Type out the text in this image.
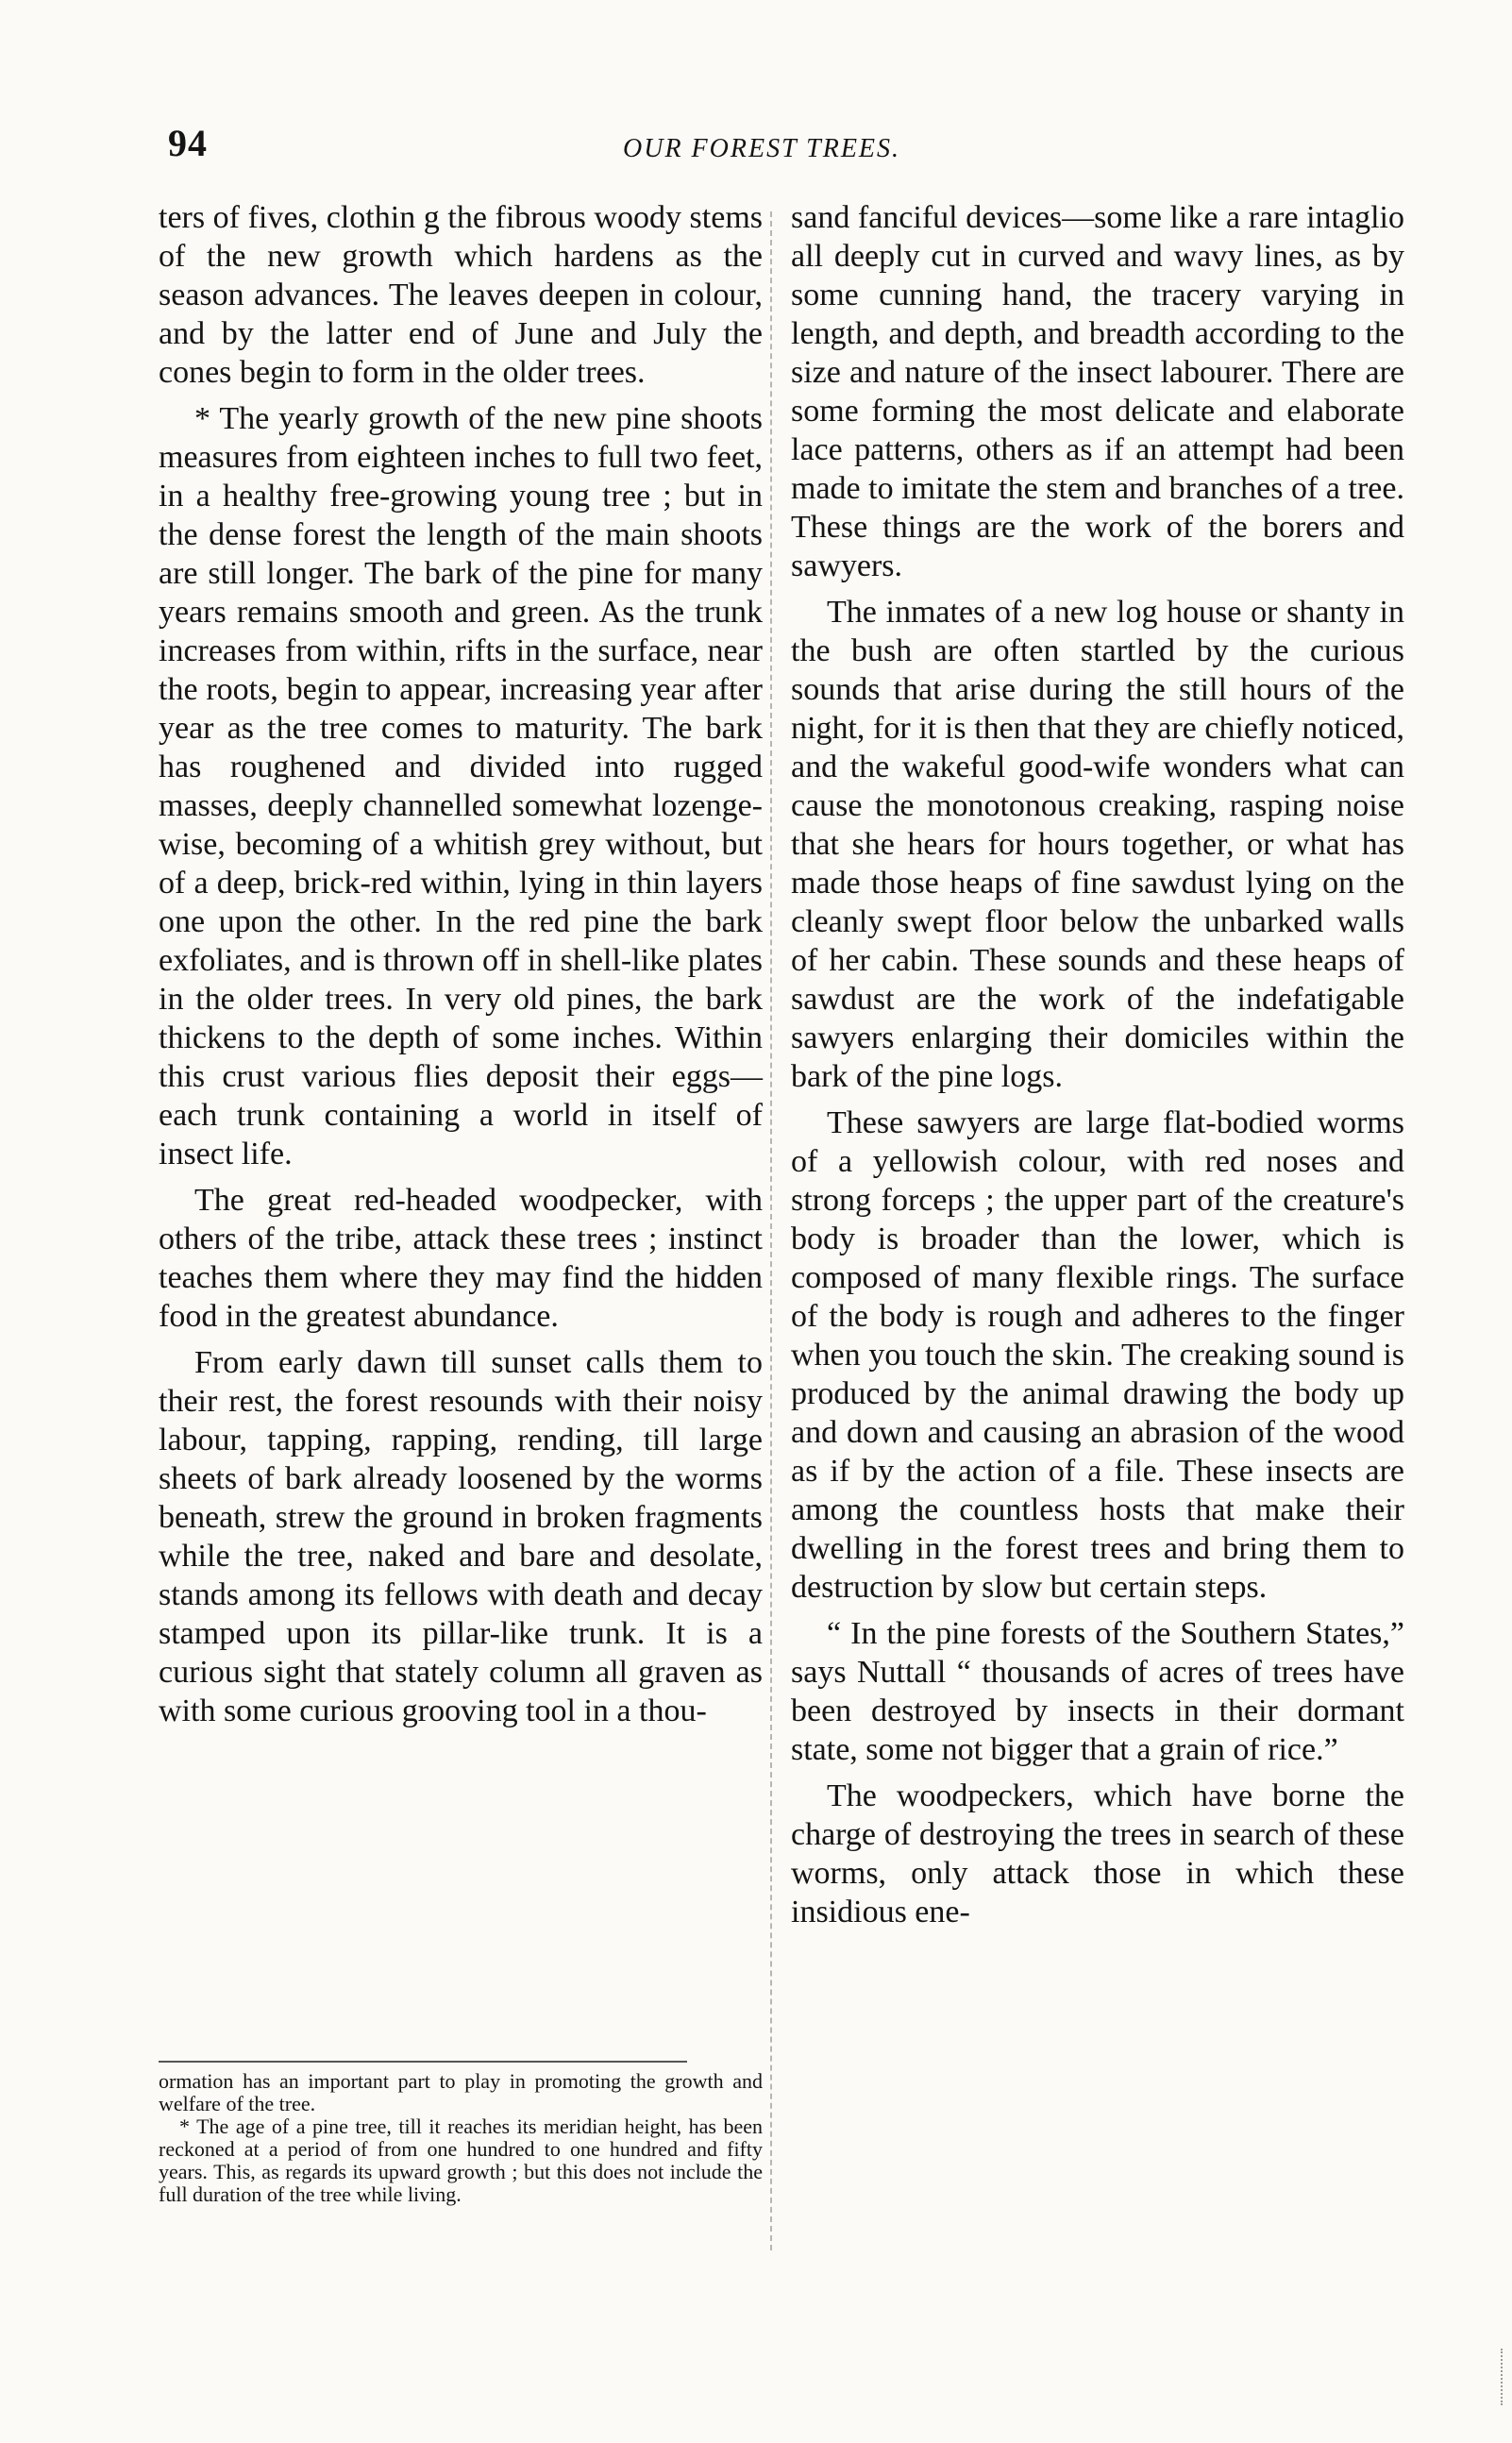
94	OUR FOREST TREES.

ters of fives, clothin g the fibrous woody stems of the new growth which hardens as the season advances. The leaves deepen in colour, and by the latter end of June and July the cones begin to form in the older trees.

* The yearly growth of the new pine shoots measures from eighteen inches to full two feet, in a healthy free-growing young tree ; but in the dense forest the length of the main shoots are still longer. The bark of the pine for many years remains smooth and green. As the trunk increases from within, rifts in the surface, near the roots, begin to appear, increasing year after year as the tree comes to maturity. The bark has roughened and divided into rugged masses, deeply channelled somewhat lozenge-wise, becoming of a whitish grey without, but of a deep, brick-red within, lying in thin layers one upon the other. In the red pine the bark exfoliates, and is thrown off in shell-like plates in the older trees. In very old pines, the bark thickens to the depth of some inches. Within this crust various flies deposit their eggs—each trunk containing a world in itself of insect life.

The great red-headed woodpecker, with others of the tribe, attack these trees ; instinct teaches them where they may find the hidden food in the greatest abundance.

From early dawn till sunset calls them to their rest, the forest resounds with their noisy labour, tapping, rapping, rending, till large sheets of bark already loosened by the worms beneath, strew the ground in broken fragments while the tree, naked and bare and desolate, stands among its fellows with death and decay stamped upon its pillar-like trunk. It is a curious sight that stately column all graven as with some curious grooving tool in a thou-

ormation has an important part to play in promoting the growth and welfare of the tree.

* The age of a pine tree, till it reaches its meridian height, has been reckoned at a period of from one hundred to one hundred and fifty years. This, as regards its upward growth ; but this does not include the full duration of the tree while living.

sand fanciful devices—some like a rare intaglio all deeply cut in curved and wavy lines, as by some cunning hand, the tracery varying in length, and depth, and breadth according to the size and nature of the insect labourer. There are some forming the most delicate and elaborate lace patterns, others as if an attempt had been made to imitate the stem and branches of a tree. These things are the work of the borers and sawyers.

The inmates of a new log house or shanty in the bush are often startled by the curious sounds that arise during the still hours of the night, for it is then that they are chiefly noticed, and the wakeful good-wife wonders what can cause the monotonous creaking, rasping noise that she hears for hours together, or what has made those heaps of fine sawdust lying on the cleanly swept floor below the unbarked walls of her cabin. These sounds and these heaps of sawdust are the work of the indefatigable sawyers enlarging their domiciles within the bark of the pine logs.

These sawyers are large flat-bodied worms of a yellowish colour, with red noses and strong forceps ; the upper part of the creature's body is broader than the lower, which is composed of many flexible rings. The surface of the body is rough and adheres to the finger when you touch the skin. The creaking sound is produced by the animal drawing the body up and down and causing an abrasion of the wood as if by the action of a file. These insects are among the countless hosts that make their dwelling in the forest trees and bring them to destruction by slow but certain steps.

“ In the pine forests of the Southern States,” says Nuttall “ thousands of acres of trees have been destroyed by insects in their dormant state, some not bigger that a grain of rice.”

The woodpeckers, which have borne the charge of destroying the trees in search of these worms, only attack those in which these insidious ene-
